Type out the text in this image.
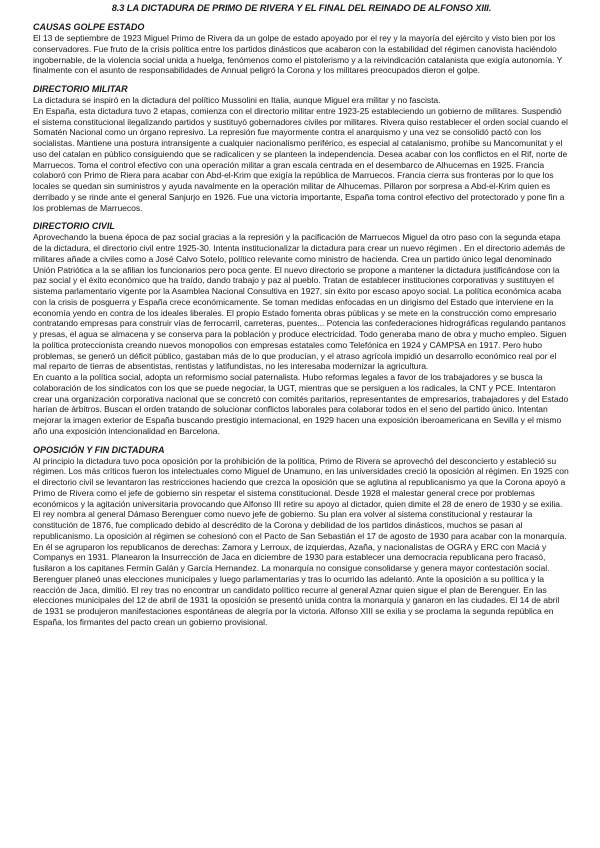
8.3 LA DICTADURA DE PRIMO DE RIVERA Y EL FINAL DEL REINADO DE ALFONSO XIII.
CAUSAS GOLPE ESTADO

El 13 de septiembre de 1923 Miguel Primo de Rivera da un golpe de estado apoyado por el rey y la mayoría del ejército y visto bien por los conservadores. Fue fruto de la crisis política entre los partidos dinásticos que acabaron con la estabilidad del régimen canovista haciéndolo ingobernable, de la violencia social unida a huelga, fenómenos como el pistolerismo y a la reivindicación catalanista que exigía autonomía. Y finalmente con el asunto de responsabilidades de Annual peligró la Corona y los militares preocupados dieron el golpe.

DIRECTORIO MILITAR

La dictadura se inspiró en la dictadura del político Mussolini en Italia, aunque Miguel era militar y no fascista.

En España, esta dictadura tuvo 2 etapas, comienza con el directorio militar entre 1923-25 estableciendo un gobierno de militares. Suspendió el sistema constitucional ilegalizando partidos y sustituyó gobernadores civiles por militares. Rivera quiso restablecer el orden social cuando el Somatén Nacional como un órgano represivo. La represión fue mayormente contra el anarquismo y una vez se consolidó pactó con los socialistas. Mantiene una postura intransigente a cualquier nacionalismo periférico, es especial al catalanismo, prohíbe su Mancomunitat y el uso del catalan en público consiguiendo que se radicalicen y se planteen la independencia. Desea acabar con los conflictos en el Rif, norte de Marruecos. Toma el control efectivo con una operación militar a gran escala centrada en el desembarco de Alhucemas en 1925. Francia colaboró con Primo de Riera para acabar con Abd-el-Krim que exigía la república de Marruecos. Francia cierra sus fronteras por lo que los locales se quedan sin suministros y ayuda navalmente en la operación militar de Alhucemas. Pillaron por sorpresa a Abd-el-Krim quien es derribado y se rinde ante el general Sanjurjo en 1926. Fue una victoria importante, España toma control efectivo del protectorado y pone fin a los problemas de Marruecos.

DIRECTORIO CIVIL

Aprovechando la buena época de paz social gracias a la represión y la pacificación de Marruecos Miguel da otro paso con la segunda etapa de la dictadura, el directorio civil entre 1925-30. Intenta institucionalizar la dictadura para crear un nuevo régimen . En el directorio además de militares añade a civiles como a José Calvo Sotelo, político relevante como ministro de hacienda. Crea un partido único legal denominado Unión Patriótica a la se afilian los funcionarios pero poca gente. El nuevo directorio se propone a mantener la dictadura justificándose con la paz social y el éxito económico que ha traído, dando trabajo y paz al pueblo. Tratan de establecer instituciones corporativas y sustituyen el sistema parlamentario vigente por la Asamblea Nacional Consultiva en 1927, sin éxito por escaso apoyo social. La política económica acaba con la crisis de posguerra y España crece económicamente. Se toman medidas enfocadas en un dirigismo del Estado que interviene en la economía yendo en contra de los ideales liberales. El propio Estado fomenta obras públicas y se mete en la construcción como empresario contratando empresas para construir vías de ferrocarril, carreteras, puentes... Potencia las confederaciones hidrográficas regulando pantanos y presas, el agua se almacena y se conserva para la población y produce electricidad. Todo generaba mano de obra y mucho empleo. Siguen la política proteccionista creando nuevos monopolios con empresas estatales como Telefónica en 1924 y CAMPSA en 1917. Pero hubo problemas, se generó un déficit público, gastaban más de lo que producían, y el atraso agrícola impidió un desarrollo económico real por el mal reparto de tierras de absentistas, rentistas y latifundistas, no les interesaba modernizar la agricultura.

En cuanto a la política social, adopta un reformismo social paternalista. Hubo reformas legales a favor de los trabajadores y se busca la colaboración de los sindicatos con los que se puede negociar, la UGT, mientras que se persiguen a los radicales, la CNT y PCE. Intentaron crear una organización corporativa nacional que se concretó con comités paritarios, representantes de empresarios, trabajadores y del Estado harían de árbitros. Buscan el orden tratando de solucionar conflictos laborales para colaborar todos en el seno del partido único. Intentan mejorar la imagen exterior de España buscando prestigio internacional, en 1929 hacen una exposición iberoamericana en Sevilla y el mismo año una exposición intencionalidad en Barcelona.

OPOSICIÓN Y FIN DICTADURA

Al principio la dictadura tuvo poca oposición por la prohibición de la política, Primo de Rivera se aprovechó del desconcierto y estableció su régimen. Los más críticos fueron los intelectuales como Miguel de Unamuno, en las universidades creció la oposición al régimen. En 1925 con el directorio civil se levantaron las restricciones haciendo que crezca la oposición que se aglutina al republicanismo ya que la Corona apoyó a Primo de Rivera como el jefe de gobierno sin respetar el sistema constitucional. Desde 1928 el malestar general crece por problemas económicos y la agitación universitaria provocando que Alfonso III retire su apoyo al dictador, quien dimite el 28 de enero de 1930 y se exilia. El rey nombra al general Dámaso Berenguer como nuevo jefe de gobierno. Su plan era volver al sistema constitucional y restaurar la constitución de 1876, fue complicado debido al descrédito de la Corona y debilidad de los partidos dinásticos, muchos se pasan al republicanismo. La oposición al régimen se cohesionó con el Pacto de San Sebastián el 17 de agosto de 1930 para acabar con la monarquía. En él se agruparon los republicanos de derechas: Zamora y Lerroux, de izquierdas, Azaña, y nacionalistas de OGRA y ERC con Maciá y Companys en 1931. Planearon la Insurrección de Jaca en diciembre de 1930 para establecer una democracia republicana pero fracasó, fusilaron a los capitanes Fermín Galán y García Hernandez. La monarquía no consigue consolidarse y genera mayor contestación social. Berenguer planeó unas elecciones municipales y luego parlamentarias y tras lo ocurrido las adelantó. Ante la oposición a su política y la reacción de Jaca, dimitió. El rey tras no encontrar un candidato político recurre al general Aznar quien sigue el plan de Berenguer. En las elecciones municipales del 12 de abril de 1931 la oposición se presentó unida contra la monarquía y ganaron en las ciudades. El 14 de abril de 1931 se produjeron manifestaciones espontáneas de alegría por la victoria. Alfonso XIII se exilia y se proclama la segunda república en España, los firmantes del pacto crean un gobierno provisional.
